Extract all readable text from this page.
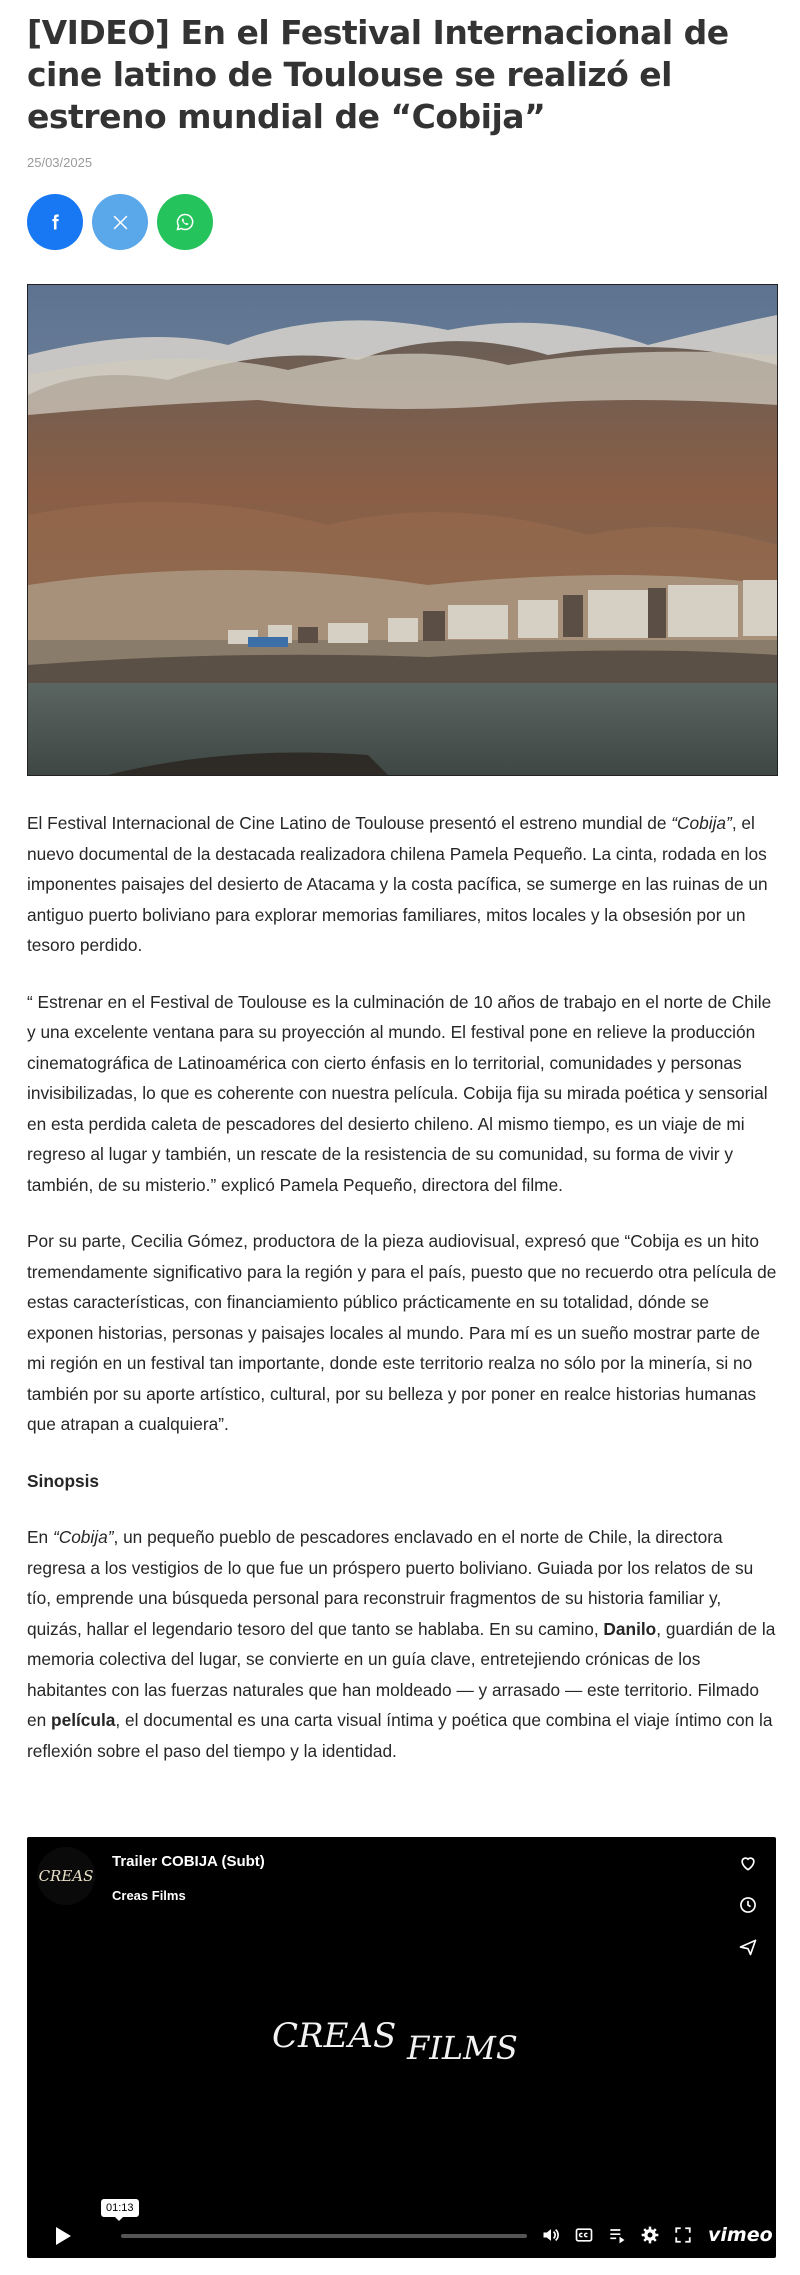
[VIDEO] En el Festival Internacional de cine latino de Toulouse se realizó el estreno mundial de “Cobija”
25/03/2025

El Festival Internacional de Cine Latino de Toulouse presentó el estreno mundial de “Cobija”, el nuevo documental de la destacada realizadora chilena Pamela Pequeño. La cinta, rodada en los imponentes paisajes del desierto de Atacama y la costa pacífica, se sumerge en las ruinas de un antiguo puerto boliviano para explorar memorias familiares, mitos locales y la obsesión por un tesoro perdido.

“ Estrenar en el Festival de Toulouse es la culminación de 10 años de trabajo en el norte de Chile y una excelente ventana para su proyección al mundo. El festival pone en relieve la producción cinematográfica de Latinoamérica con cierto énfasis en lo territorial, comunidades y personas invisibilizadas, lo que es coherente con nuestra película. Cobija fija su mirada poética y sensorial en esta perdida caleta de pescadores del desierto chileno. Al mismo tiempo, es un viaje de mi regreso al lugar y también, un rescate de la resistencia de su comunidad, su forma de vivir y también, de su misterio.” explicó Pamela Pequeño, directora del filme.

Por su parte, Cecilia Gómez, productora de la pieza audiovisual, expresó que “Cobija es un hito tremendamente significativo para la región y para el país, puesto que no recuerdo otra película de estas características, con financiamiento público prácticamente en su totalidad, dónde se exponen historias, personas y paisajes locales al mundo. Para mí es un sueño mostrar parte de mi región en un festival tan importante, donde este territorio realza no sólo por la minería, si no también por su aporte artístico, cultural, por su belleza y por poner en realce historias humanas que atrapan a cualquiera”.

Sinopsis

En “Cobija”, un pequeño pueblo de pescadores enclavado en el norte de Chile, la directora regresa a los vestigios de lo que fue un próspero puerto boliviano. Guiada por los relatos de su tío, emprende una búsqueda personal para reconstruir fragmentos de su historia familiar y, quizás, hallar el legendario tesoro del que tanto se hablaba. En su camino, Danilo, guardián de la memoria colectiva del lugar, se convierte en un guía clave, entretejiendo crónicas de los habitantes con las fuerzas naturales que han moldeado — y arrasado — este territorio. Filmado en película, el documental es una carta visual íntima y poética que combina el viaje íntimo con la reflexión sobre el paso del tiempo y la identidad.

CREAS FILMS
CREAS
Trailer COBIJA (Subt)
Creas Films
01:13
vimeo
